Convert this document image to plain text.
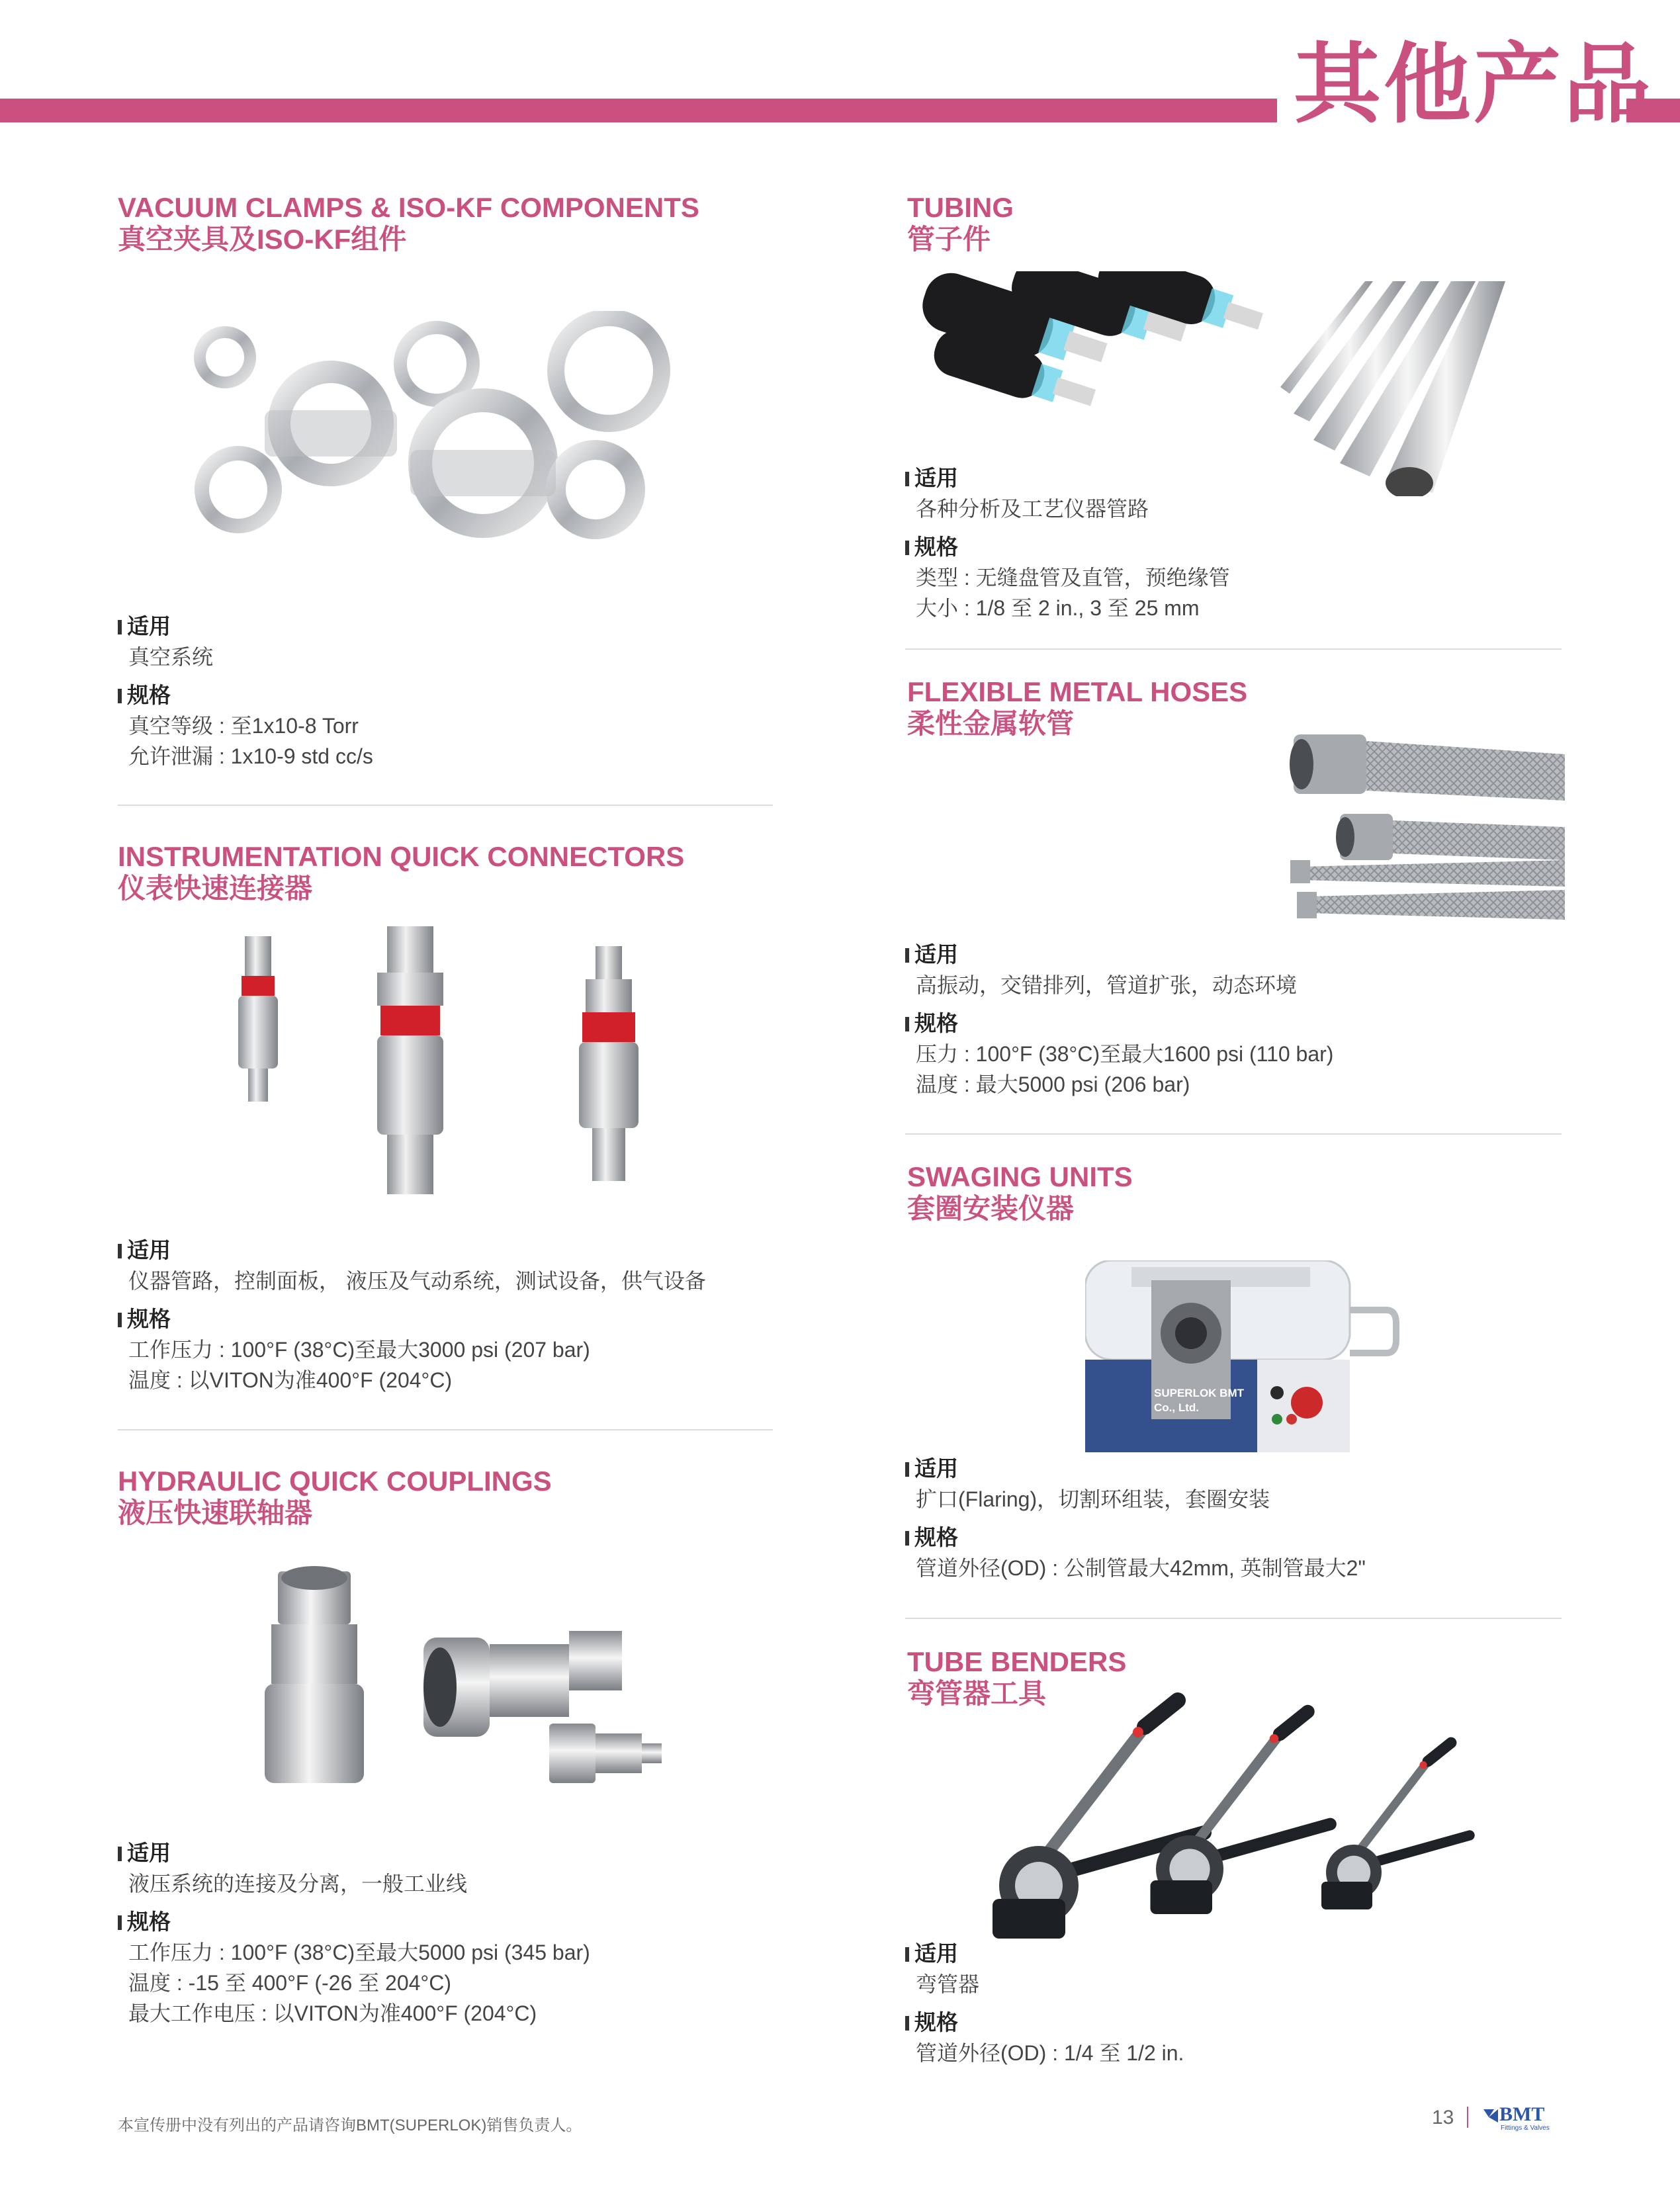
其他产品
VACUUM CLAMPS & ISO-KF COMPONENTS
真空夹具及ISO-KF组件
适用
真空系统
规格
真空等级 : 至1x10-8 Torr
允许泄漏 : 1x10-9 std cc/s
INSTRUMENTATION QUICK CONNECTORS
仪表快速连接器
适用
仪器管路，控制面板， 液压及气动系统，测试设备，供气设备
规格
工作压力 : 100°F (38°C)至最大3000 psi (207 bar)
温度 : 以VITON为准400°F (204°C)
HYDRAULIC QUICK COUPLINGS
液压快速联轴器
适用
液压系统的连接及分离，一般工业线
规格
工作压力 : 100°F (38°C)至最大5000 psi (345 bar)
温度 : -15 至 400°F (-26 至 204°C)
最大工作电压 : 以VITON为准400°F (204°C)
TUBING
管子件
适用
各种分析及工艺仪器管路
规格
类型 : 无缝盘管及直管，预绝缘管
大小 : 1/8 至 2 in., 3 至 25 mm
FLEXIBLE METAL HOSES
柔性金属软管
适用
高振动，交错排列，管道扩张，动态环境
规格
压力 : 100°F (38°C)至最大1600 psi (110 bar)
温度 : 最大5000 psi (206 bar)
SWAGING UNITS
套圈安装仪器
SUPERLOK BMT Co., Ltd.
适用
扩口(Flaring)，切割环组装，套圈安装
规格
管道外径(OD) : 公制管最大42mm, 英制管最大2"
TUBE BENDERS
弯管器工具
适用
弯管器
规格
管道外径(OD) : 1/4 至 1/2 in.
本宣传册中没有列出的产品请咨询BMT(SUPERLOK)销售负责人。	13 BMT
Fittings & Valves
